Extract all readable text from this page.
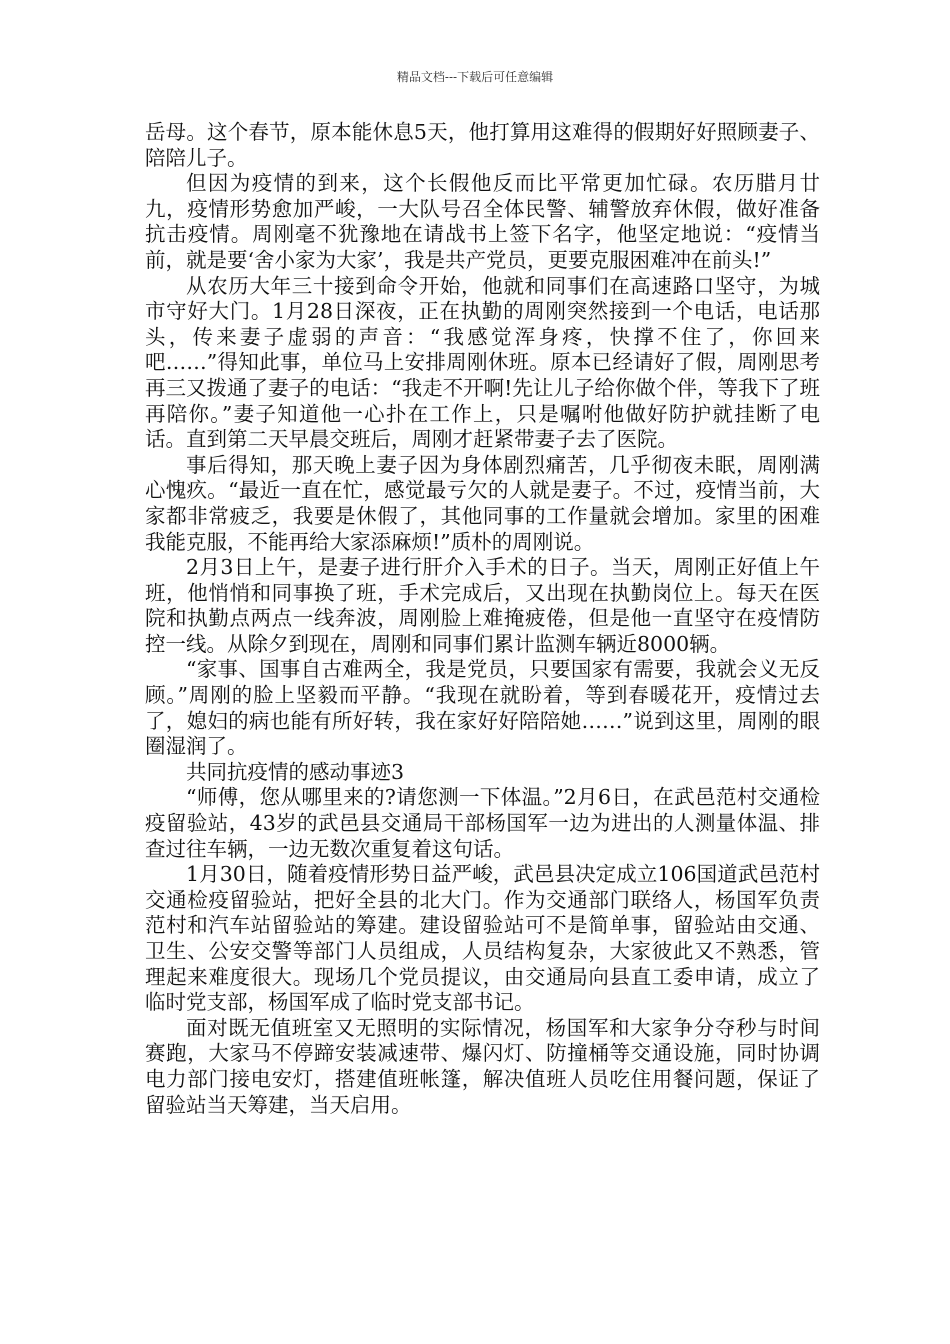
精品文档---下载后可任意编辑

岳母。这个春节，原本能休息5天，他打算用这难得的假期好好照顾妻子、陪陪儿子。

但因为疫情的到来，这个长假他反而比平常更加忙碌。农历腊月廿九，疫情形势愈加严峻，一大队号召全体民警、辅警放弃休假，做好准备抗击疫情。周刚毫不犹豫地在请战书上签下名字，他坚定地说：“疫情当前，就是要‘舍小家为大家’，我是共产党员，更要克服困难冲在前头!”

从农历大年三十接到命令开始，他就和同事们在高速路口坚守，为城市守好大门。1月28日深夜，正在执勤的周刚突然接到一个电话，电话那头，传来妻子虚弱的声音：“我感觉浑身疼，快撑不住了，你回来吧……”得知此事，单位马上安排周刚休班。原本已经请好了假，周刚思考再三又拨通了妻子的电话：“我走不开啊!先让儿子给你做个伴，等我下了班再陪你。”妻子知道他一心扑在工作上，只是嘱咐他做好防护就挂断了电话。直到第二天早晨交班后，周刚才赶紧带妻子去了医院。

事后得知，那天晚上妻子因为身体剧烈痛苦，几乎彻夜未眠，周刚满心愧疚。“最近一直在忙，感觉最亏欠的人就是妻子。不过，疫情当前，大家都非常疲乏，我要是休假了，其他同事的工作量就会增加。家里的困难我能克服，不能再给大家添麻烦!”质朴的周刚说。

2月3日上午，是妻子进行肝介入手术的日子。当天，周刚正好值上午班，他悄悄和同事换了班，手术完成后，又出现在执勤岗位上。每天在医院和执勤点两点一线奔波，周刚脸上难掩疲倦，但是他一直坚守在疫情防控一线。从除夕到现在，周刚和同事们累计监测车辆近8000辆。

“家事、国事自古难两全，我是党员，只要国家有需要，我就会义无反顾。”周刚的脸上坚毅而平静。“我现在就盼着，等到春暖花开，疫情过去了，媳妇的病也能有所好转，我在家好好陪陪她……”说到这里，周刚的眼圈湿润了。

共同抗疫情的感动事迹3

“师傅，您从哪里来的?请您测一下体温。”2月6日，在武邑范村交通检疫留验站，43岁的武邑县交通局干部杨国军一边为进出的人测量体温、排查过往车辆，一边无数次重复着这句话。

1月30日，随着疫情形势日益严峻，武邑县决定成立106国道武邑范村交通检疫留验站，把好全县的北大门。作为交通部门联络人，杨国军负责范村和汽车站留验站的筹建。建设留验站可不是简单事，留验站由交通、卫生、公安交警等部门人员组成，人员结构复杂，大家彼此又不熟悉，管理起来难度很大。现场几个党员提议，由交通局向县直工委申请，成立了临时党支部，杨国军成了临时党支部书记。

面对既无值班室又无照明的实际情况，杨国军和大家争分夺秒与时间赛跑，大家马不停蹄安装减速带、爆闪灯、防撞桶等交通设施，同时协调电力部门接电安灯，搭建值班帐篷，解决值班人员吃住用餐问题，保证了留验站当天筹建，当天启用。
